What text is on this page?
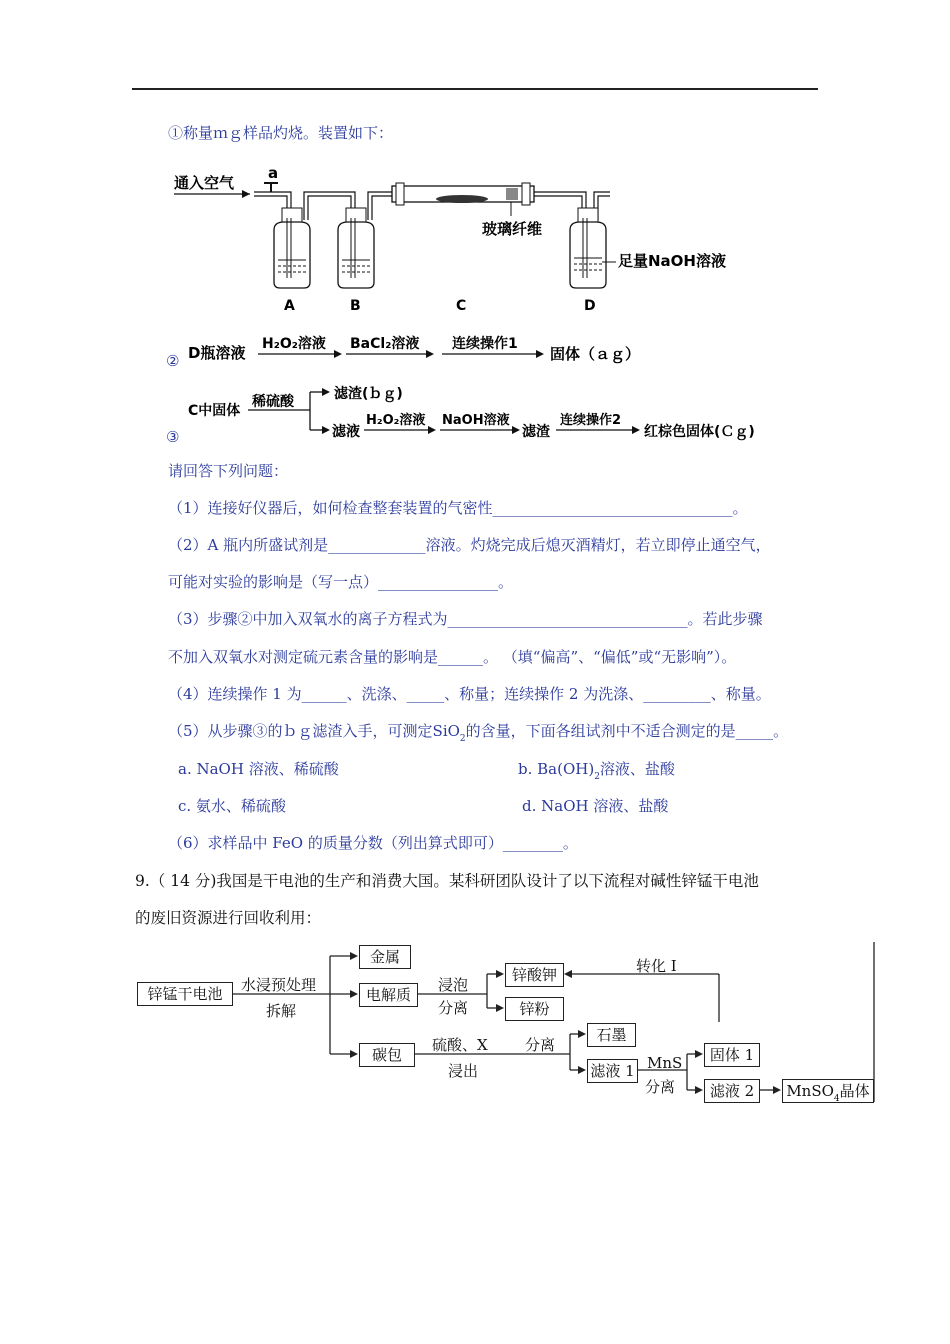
①称量ｍｇ样品灼烧。装置如下：
通入空气
a
玻璃纤维
足量NaOH溶液
A	B	C	D
② D瓶溶液 H₂O₂溶液 BaCl₂溶液 连续操作1
固体（ａｇ）
C中固体
稀硫酸	滤渣(ｂｇ)
滤液
H₂O₂溶液 NaOH溶液
滤渣
连续操作2
红棕色固体(Ｃｇ)
③
请回答下列问题：
（1）连接好仪器后，如何检查整套装置的气密性________________________________。
（2）A 瓶内所盛试剂是_____________溶液。灼烧完成后熄灭酒精灯，若立即停止通空气，
可能对实验的影响是（写一点）________________。
（3）步骤②中加入双氧水的离子方程式为________________________________。若此步骤
不加入双氧水对测定硫元素含量的影响是______。 （填“偏高”、“偏低”或“无影响”）。
（4）连续操作 1 为______、洗涤、_____、称量；连续操作 2 为洗涤、_________、称量。
（5）从步骤③的ｂｇ滤渣入手，可测定SiO$_2$的含量，下面各组试剂中不适合测定的是_____。
a. NaOH 溶液、稀硫酸	b. $Ba(OH)_2$溶液、盐酸
c. 氨水、稀硫酸	d. NaOH 溶液、盐酸
（6）求样品中 FeO 的质量分数（列出算式即可）________。
9.（ 14 分)我国是干电池的生产和消费大国。某科研团队设计了以下流程对碱性锌锰干电池
的废旧资源进行回收利用：
锌锰干电池
金属
电解质
碳包
锌酸钾
锌粉
石墨
滤液 1
固体 1
滤液 2	MnSO$_4$晶体
水浸预处理
拆解
浸泡
分离
转化 I
硫酸、X
浸出
分离
MnS
分离
